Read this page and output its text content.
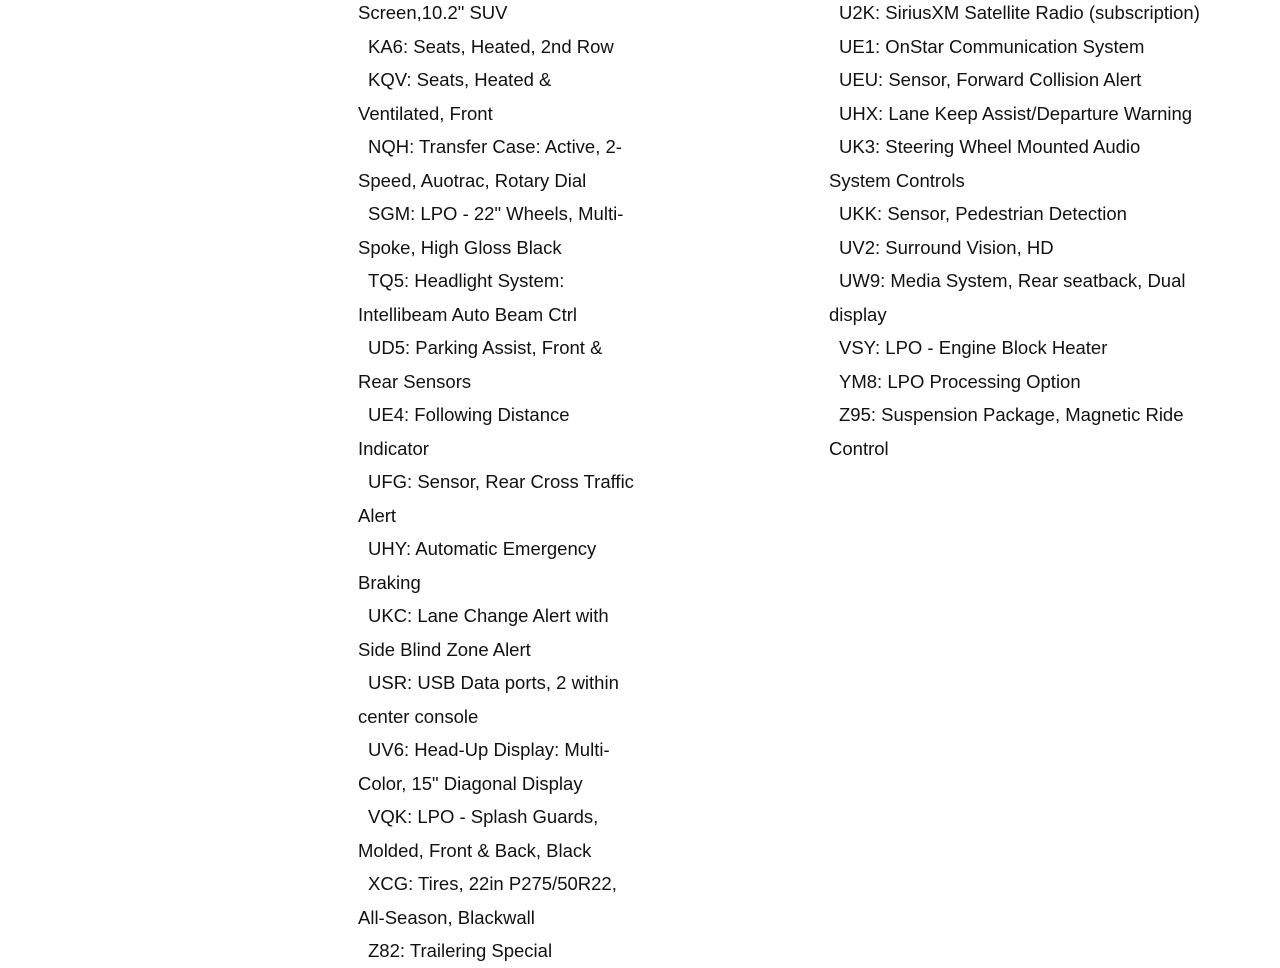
Screen,10.2" SUV
KA6: Seats, Heated, 2nd Row
KQV: Seats, Heated &
Ventilated, Front
NQH: Transfer Case: Active, 2-
Speed, Auotrac, Rotary Dial
SGM: LPO - 22" Wheels, Multi-
Spoke, High Gloss Black
TQ5: Headlight System:
Intellibeam Auto Beam Ctrl
UD5: Parking Assist, Front &
Rear Sensors
UE4: Following Distance
Indicator
UFG: Sensor, Rear Cross Traffic
Alert
UHY: Automatic Emergency
Braking
UKC: Lane Change Alert with
Side Blind Zone Alert
USR: USB Data ports, 2 within
center console
UV6: Head-Up Display: Multi-
Color, 15" Diagonal Display
VQK: LPO - Splash Guards,
Molded, Front & Back, Black
XCG: Tires, 22in P275/50R22,
All-Season, Blackwall
Z82: Trailering Special
U2K: SiriusXM Satellite Radio (subscription)
UE1: OnStar Communication System
UEU: Sensor, Forward Collision Alert
UHX: Lane Keep Assist/Departure Warning
UK3: Steering Wheel Mounted Audio
System Controls
UKK: Sensor, Pedestrian Detection
UV2: Surround Vision, HD
UW9: Media System, Rear seatback, Dual
display
VSY: LPO - Engine Block Heater
YM8: LPO Processing Option
Z95: Suspension Package, Magnetic Ride
Control
